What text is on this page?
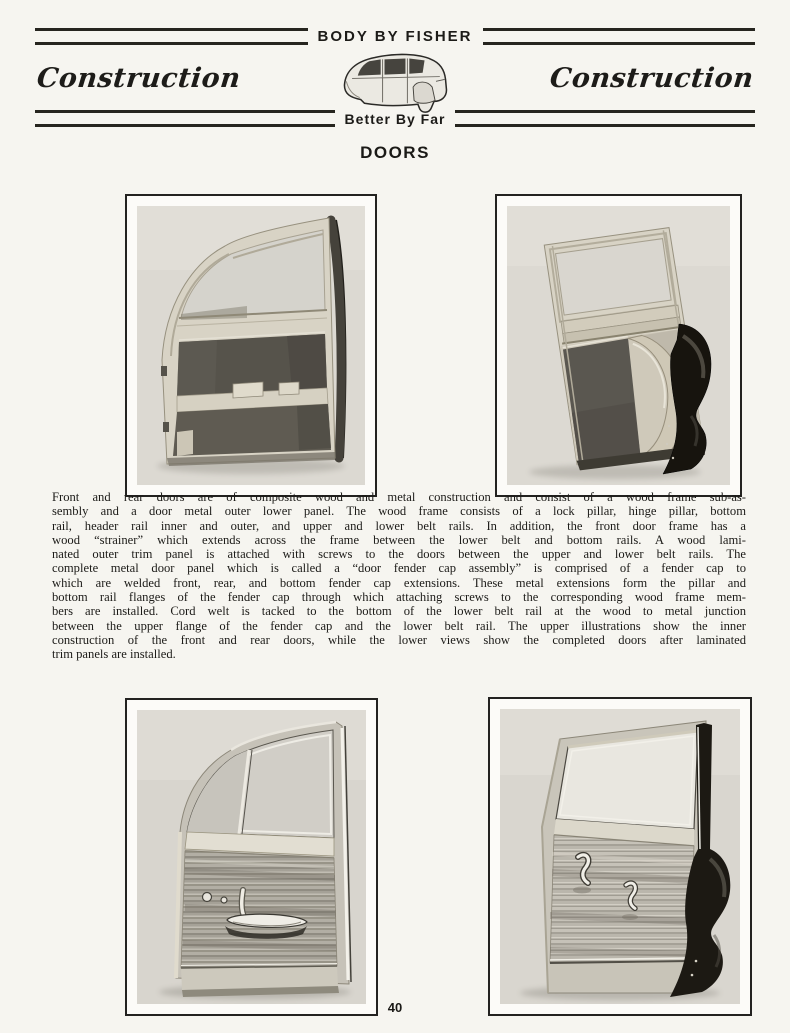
BODY BY FISHER
Construction	Construction
Better By Far
DOORS
Front and rear doors are of composite wood and metal construction and consist of a wood frame sub-as-
sembly and a door metal outer lower panel. The wood frame consists of a lock pillar, hinge pillar, bottom
rail, header rail inner and outer, and upper and lower belt rails. In addition, the front door frame has a
wood “strainer” which extends across the frame between the lower belt and bottom rails. A wood lami-
nated outer trim panel is attached with screws to the doors between the upper and lower belt rails. The
complete metal door panel which is called a “door fender cap assembly” is comprised of a fender cap to
which are welded front, rear, and bottom fender cap extensions. These metal extensions form the pillar and
bottom rail flanges of the fender cap through which attaching screws to the corresponding wood frame mem-
bers are installed. Cord welt is tacked to the bottom of the lower belt rail at the wood to metal junction
between the upper flange of the fender cap and the lower belt rail. The upper illustrations show the inner
construction of the front and rear doors, while the lower views show the completed doors after laminated
trim panels are installed.
40
